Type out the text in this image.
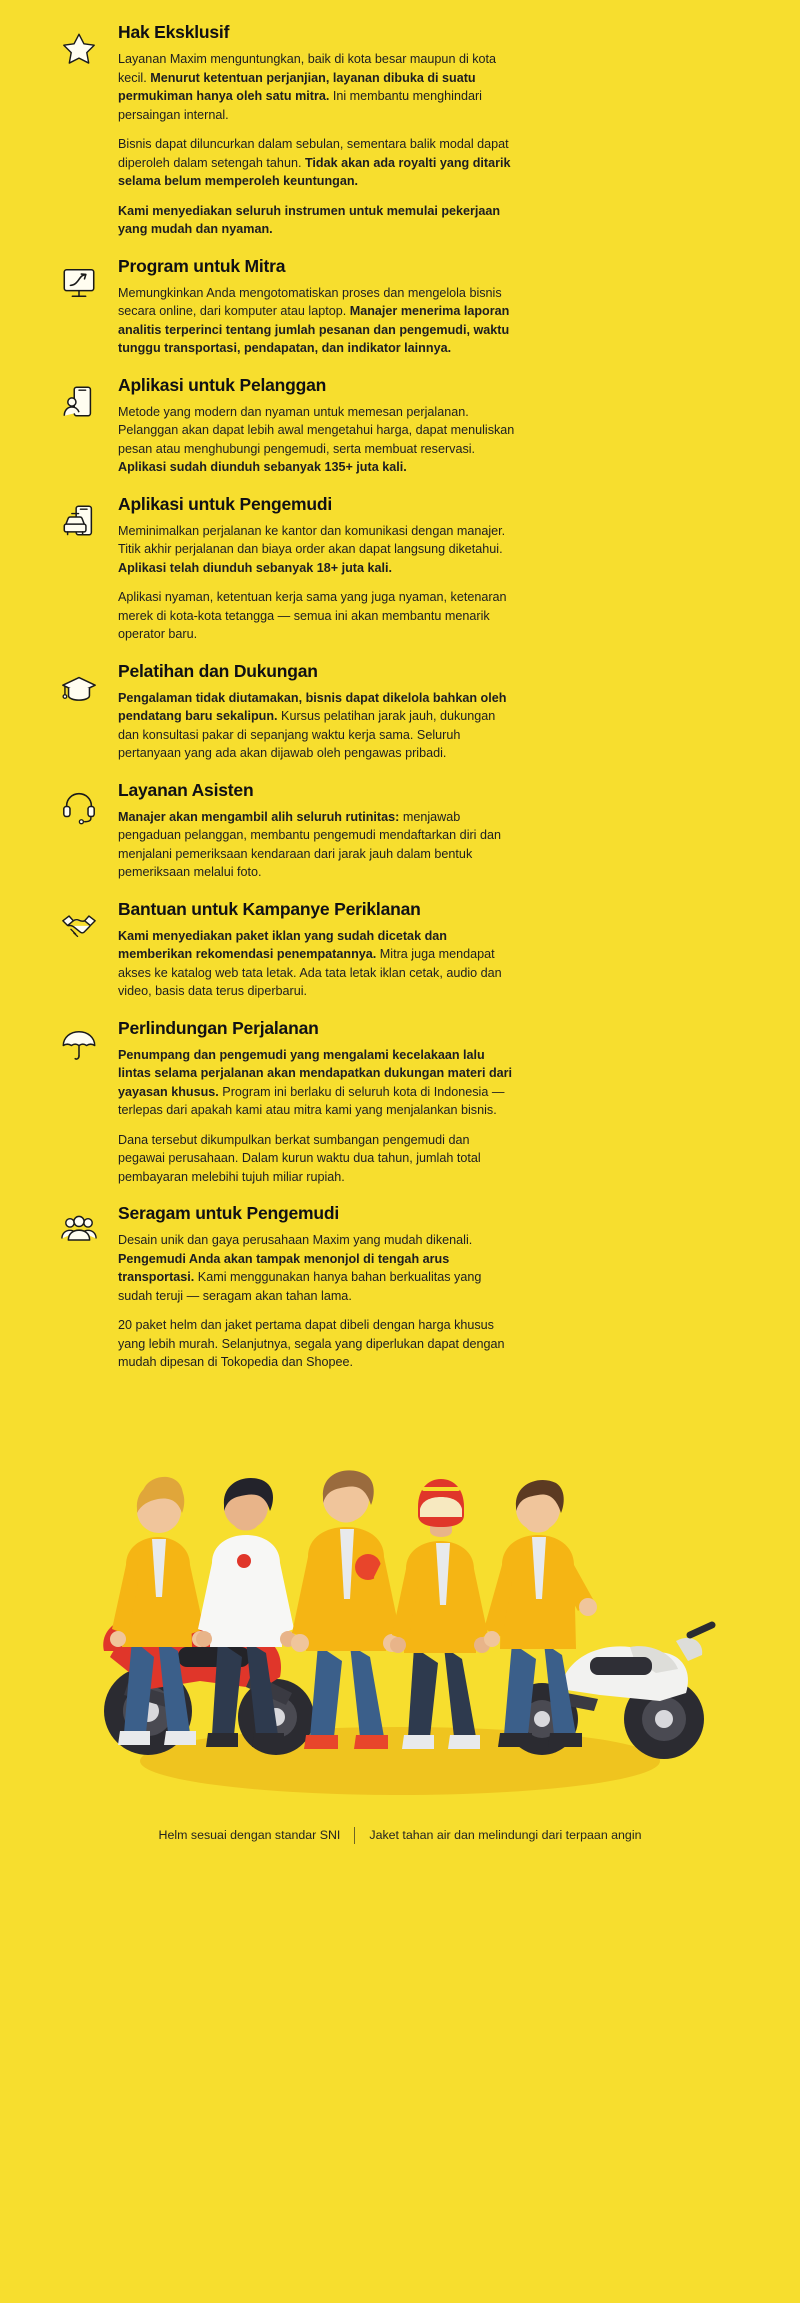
Hak Eksklusif
Layanan Maxim menguntungkan, baik di kota besar maupun di kota kecil. Menurut ketentuan perjanjian, layanan dibuka di suatu permukiman hanya oleh satu mitra. Ini membantu menghindari persaingan internal.
Bisnis dapat diluncurkan dalam sebulan, sementara balik modal dapat diperoleh dalam setengah tahun. Tidak akan ada royalti yang ditarik selama belum memperoleh keuntungan.
Kami menyediakan seluruh instrumen untuk memulai pekerjaan yang mudah dan nyaman.
Program untuk Mitra
Memungkinkan Anda mengotomatiskan proses dan mengelola bisnis secara online, dari komputer atau laptop. Manajer menerima laporan analitis terperinci tentang jumlah pesanan dan pengemudi, waktu tunggu transportasi, pendapatan, dan indikator lainnya.
Aplikasi untuk Pelanggan
Metode yang modern dan nyaman untuk memesan perjalanan. Pelanggan akan dapat lebih awal mengetahui harga, dapat menuliskan pesan atau menghubungi pengemudi, serta membuat reservasi. Aplikasi sudah diunduh sebanyak 135+ juta kali.
Aplikasi untuk Pengemudi
Meminimalkan perjalanan ke kantor dan komunikasi dengan manajer. Titik akhir perjalanan dan biaya order akan dapat langsung diketahui. Aplikasi telah diunduh sebanyak 18+ juta kali.
Aplikasi nyaman, ketentuan kerja sama yang juga nyaman, ketenaran merek di kota-kota tetangga — semua ini akan membantu menarik operator baru.
Pelatihan dan Dukungan
Pengalaman tidak diutamakan, bisnis dapat dikelola bahkan oleh pendatang baru sekalipun. Kursus pelatihan jarak jauh, dukungan dan konsultasi pakar di sepanjang waktu kerja sama. Seluruh pertanyaan yang ada akan dijawab oleh pengawas pribadi.
Layanan Asisten
Manajer akan mengambil alih seluruh rutinitas: menjawab pengaduan pelanggan, membantu pengemudi mendaftarkan diri dan menjalani pemeriksaan kendaraan dari jarak jauh dalam bentuk pemeriksaan melalui foto.
Bantuan untuk Kampanye Periklanan
Kami menyediakan paket iklan yang sudah dicetak dan memberikan rekomendasi penempatannya. Mitra juga mendapat akses ke katalog web tata letak. Ada tata letak iklan cetak, audio dan video, basis data terus diperbarui.
Perlindungan Perjalanan
Penumpang dan pengemudi yang mengalami kecelakaan lalu lintas selama perjalanan akan mendapatkan dukungan materi dari yayasan khusus. Program ini berlaku di seluruh kota di Indonesia — terlepas dari apakah kami atau mitra kami yang menjalankan bisnis.
Dana tersebut dikumpulkan berkat sumbangan pengemudi dan pegawai perusahaan. Dalam kurun waktu dua tahun, jumlah total pembayaran melebihi tujuh miliar rupiah.
Seragam untuk Pengemudi
Desain unik dan gaya perusahaan Maxim yang mudah dikenali. Pengemudi Anda akan tampak menonjol di tengah arus transportasi. Kami menggunakan hanya bahan berkualitas yang sudah teruji — seragam akan tahan lama.
20 paket helm dan jaket pertama dapat dibeli dengan harga khusus yang lebih murah. Selanjutnya, segala yang diperlukan dapat dengan mudah dipesan di Tokopedia dan Shopee.
Helm sesuai dengan standar SNI Jaket tahan air dan melindungi dari terpaan angin
